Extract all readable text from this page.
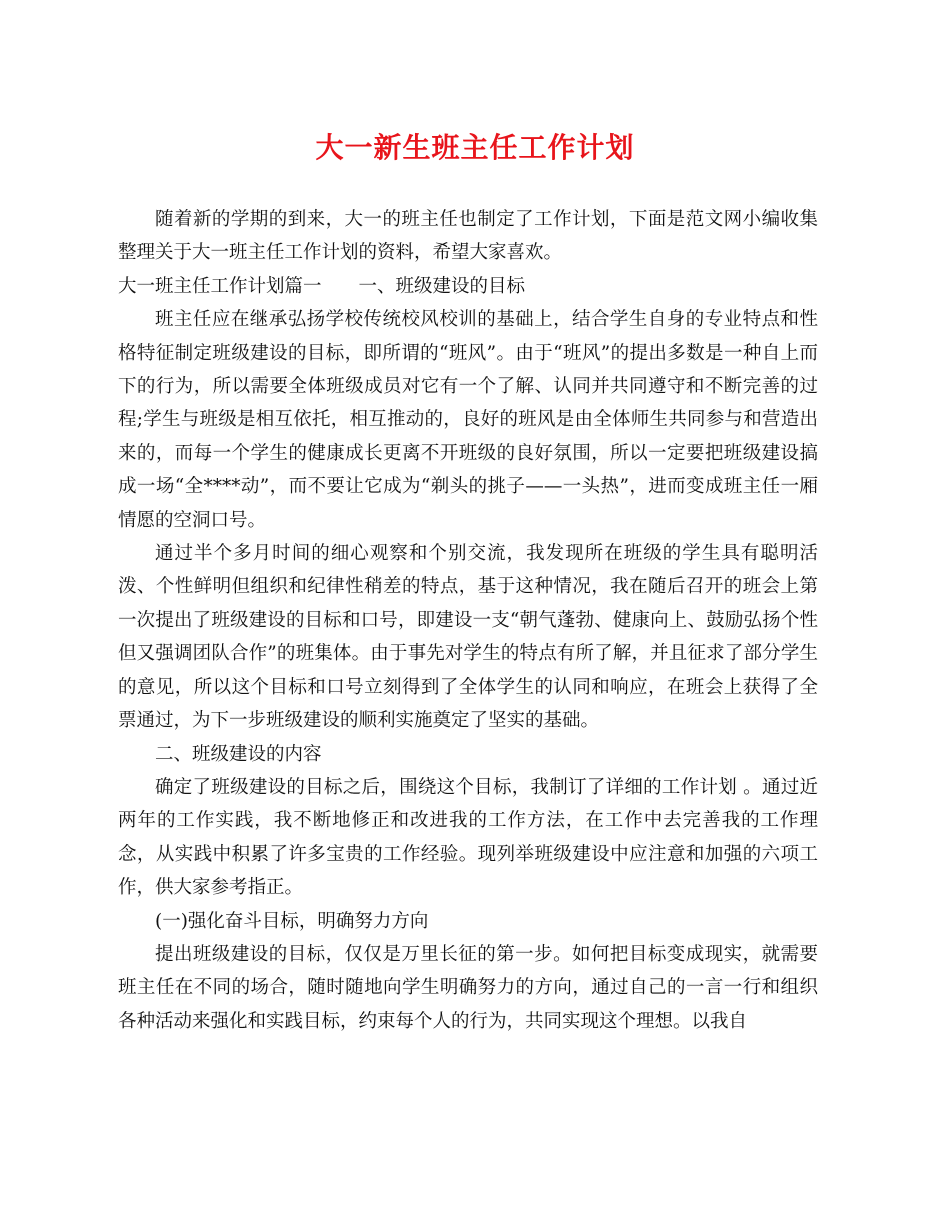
大一新生班主任工作计划

随着新的学期的到来，大一的班主任也制定了工作计划，下面是范文网小编收集整理关于大一班主任工作计划的资料，希望大家喜欢。

大一班主任工作计划篇一　　一、班级建设的目标

班主任应在继承弘扬学校传统校风校训的基础上，结合学生自身的专业特点和性格特征制定班级建设的目标，即所谓的“班风”。由于“班风”的提出多数是一种自上而下的行为，所以需要全体班级成员对它有一个了解、认同并共同遵守和不断完善的过程;学生与班级是相互依托，相互推动的，良好的班风是由全体师生共同参与和营造出来的，而每一个学生的健康成长更离不开班级的良好氛围，所以一定要把班级建设搞成一场“全****动”，而不要让它成为“剃头的挑子——一头热”，进而变成班主任一厢情愿的空洞口号。

通过半个多月时间的细心观察和个别交流，我发现所在班级的学生具有聪明活泼、个性鲜明但组织和纪律性稍差的特点，基于这种情况，我在随后召开的班会上第一次提出了班级建设的目标和口号，即建设一支“朝气蓬勃、健康向上、鼓励弘扬个性但又强调团队合作”的班集体。由于事先对学生的特点有所了解，并且征求了部分学生的意见，所以这个目标和口号立刻得到了全体学生的认同和响应，在班会上获得了全票通过，为下一步班级建设的顺利实施奠定了坚实的基础。

二、班级建设的内容

确定了班级建设的目标之后，围绕这个目标，我制订了详细的工作计划 。通过近两年的工作实践，我不断地修正和改进我的工作方法，在工作中去完善我的工作理念，从实践中积累了许多宝贵的工作经验。现列举班级建设中应注意和加强的六项工作，供大家参考指正。

(一)强化奋斗目标，明确努力方向

提出班级建设的目标，仅仅是万里长征的第一步。如何把目标变成现实，就需要班主任在不同的场合，随时随地向学生明确努力的方向，通过自己的一言一行和组织各种活动来强化和实践目标，约束每个人的行为，共同实现这个理想。以我自
